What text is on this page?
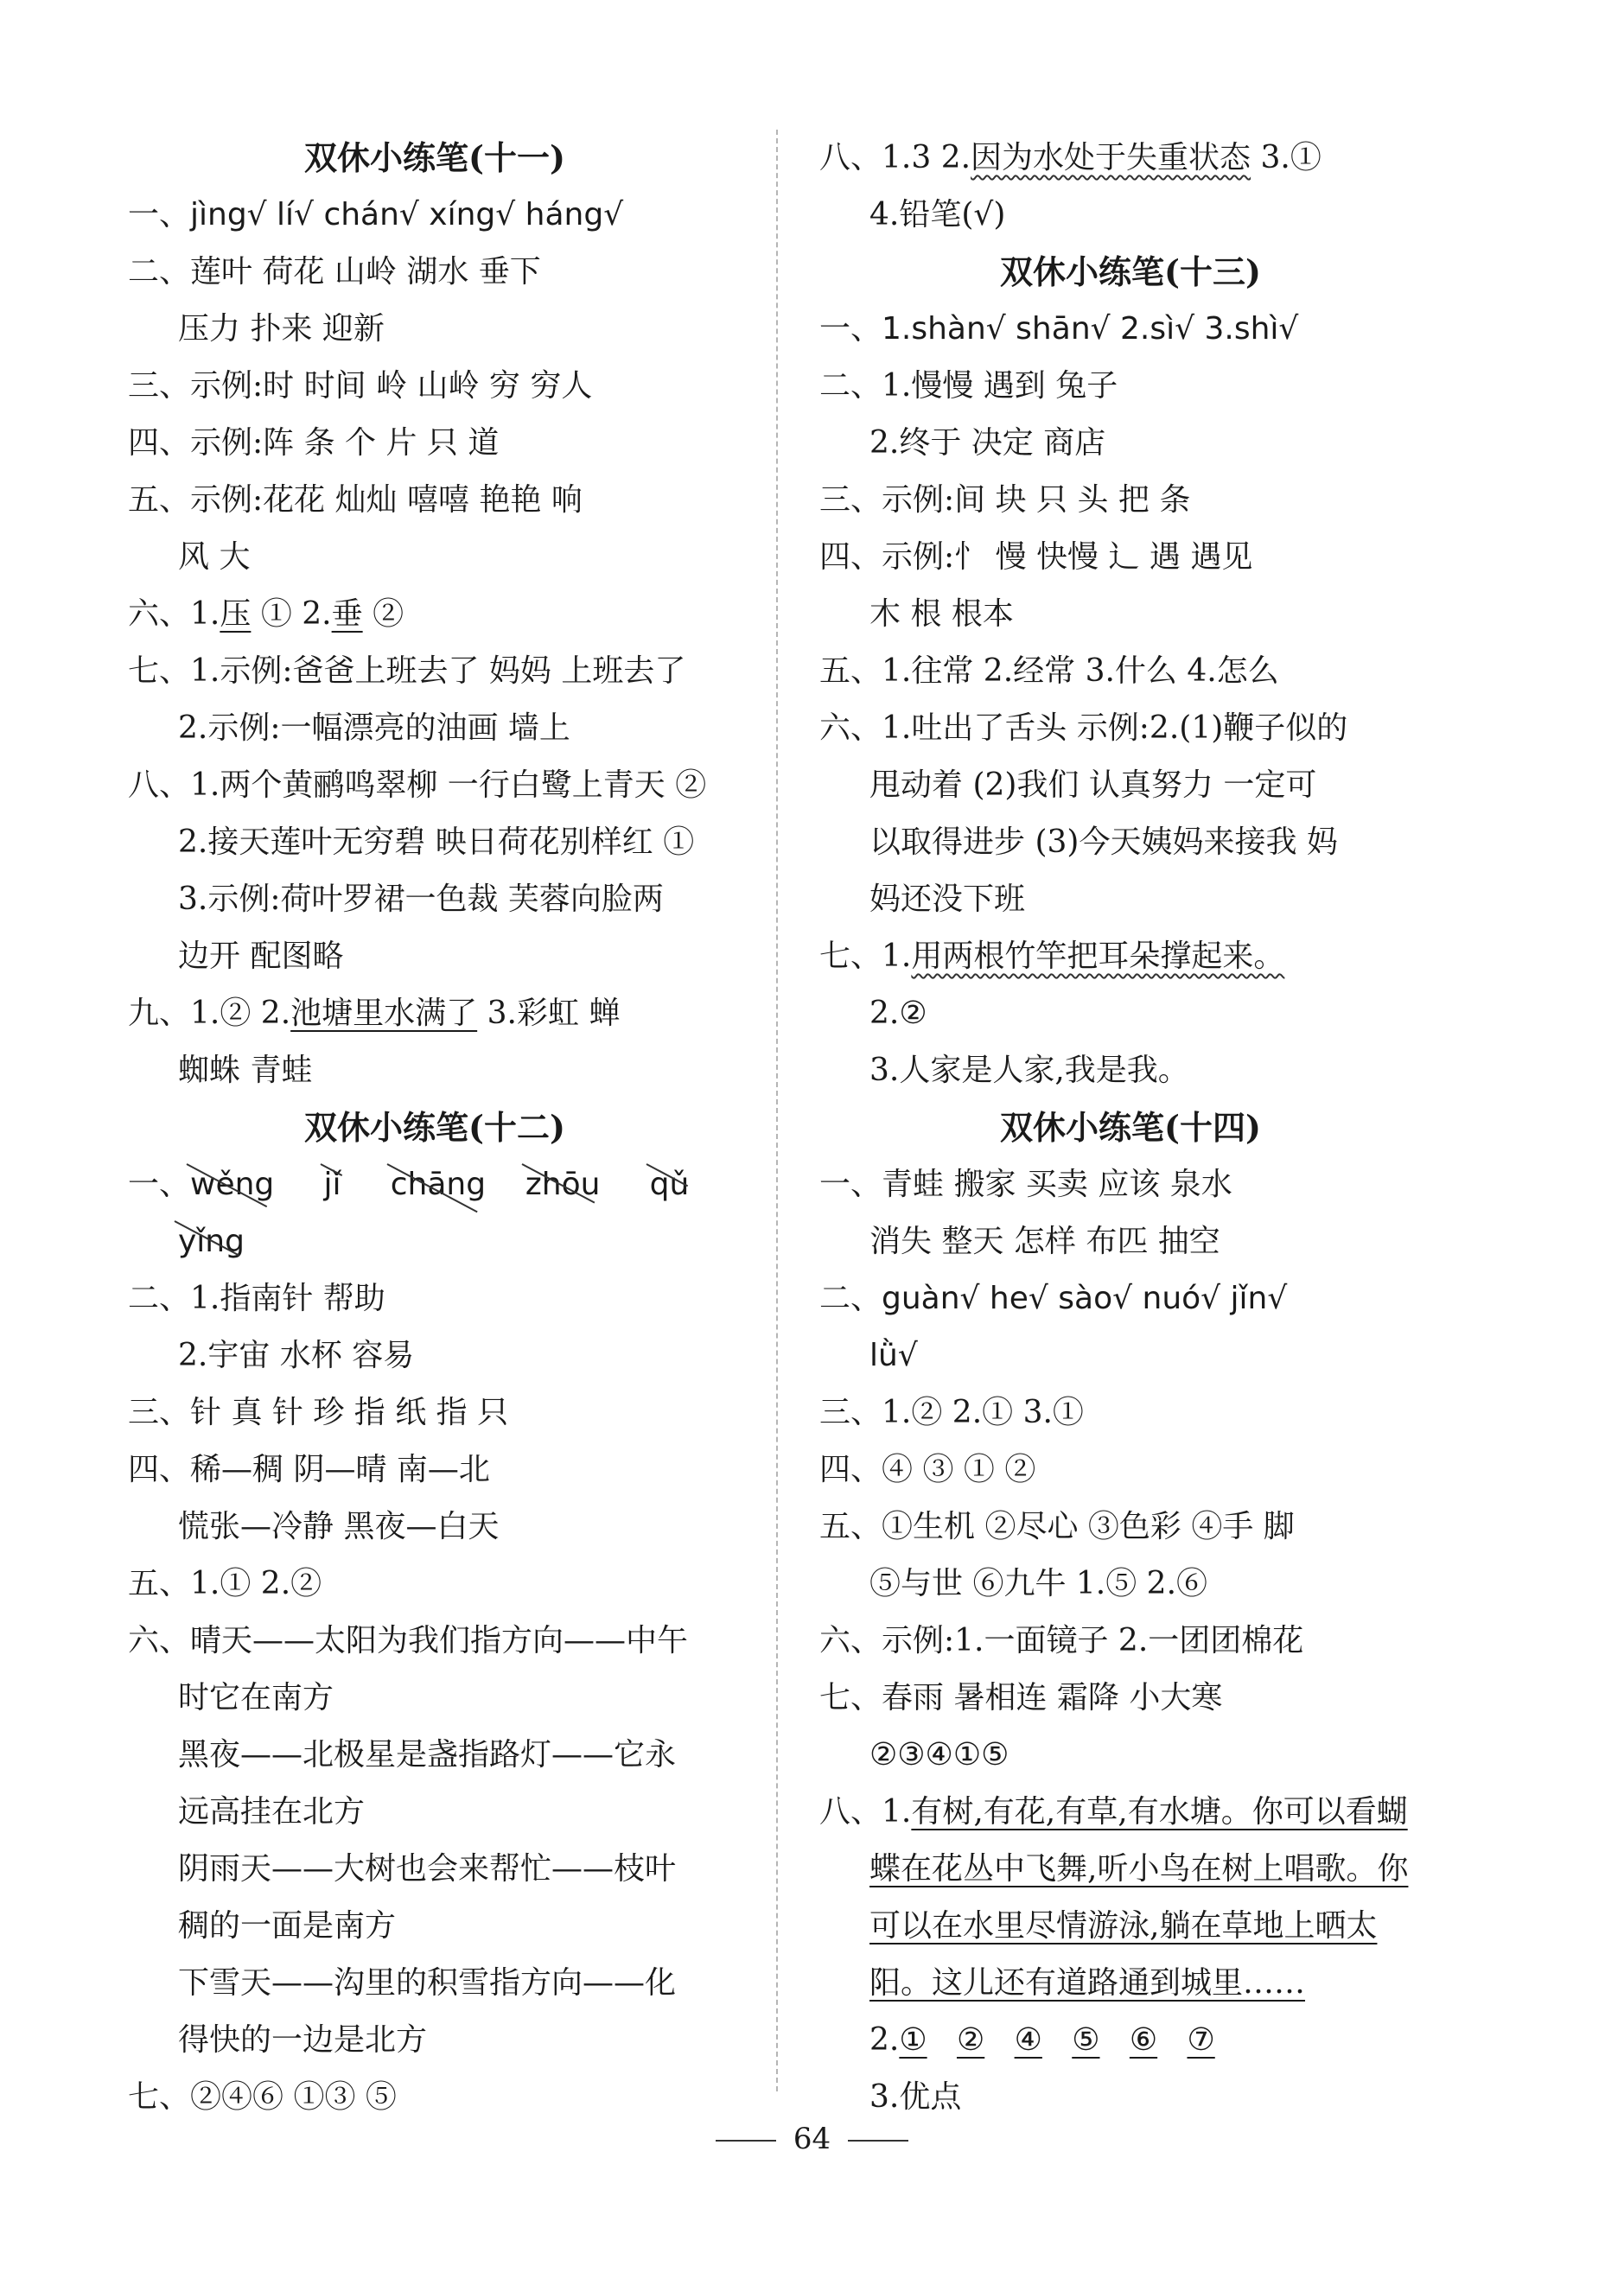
双休小练笔(十一)
一、jìng√ lí√ chán√ xíng√ háng√
二、莲叶 荷花 山岭 湖水 垂下
压力 扑来 迎新
三、示例:时 时间 岭 山岭 穷 穷人
四、示例:阵 条 个 片 只 道
五、示例:花花 灿灿 嘻嘻 艳艳 响
风 大
六、1.压 ① 2.垂 ②
七、1.示例:爸爸上班去了 妈妈 上班去了
2.示例:一幅漂亮的油画 墙上
八、1.两个黄鹂鸣翠柳 一行白鹭上青天 ②
2.接天莲叶无穷碧 映日荷花别样红 ①
3.示例:荷叶罗裙一色裁 芙蓉向脸两
边开 配图略
九、1.② 2.池塘里水满了 3.彩虹 蝉
蜘蛛 青蛙
双休小练笔(十二)
一、wěng jǐ chāng zhōu qǔ
yǐng
二、1.指南针 帮助
2.宇宙 水杯 容易
三、针 真 针 珍 指 纸 指 只
四、稀—稠 阴—晴 南—北
慌张—冷静 黑夜—白天
五、1.① 2.②
六、晴天——太阳为我们指方向——中午
时它在南方
黑夜——北极星是盏指路灯——它永
远高挂在北方
阴雨天——大树也会来帮忙——枝叶
稠的一面是南方
下雪天——沟里的积雪指方向——化
得快的一边是北方
七、②④⑥ ①③ ⑤
八、1.3 2.因为水处于失重状态 3.①
4.铅笔(√)
双休小练笔(十三)
一、1.shàn√ shān√ 2.sì√ 3.shì√
二、1.慢慢 遇到 兔子
2.终于 决定 商店
三、示例:间 块 只 头 把 条
四、示例:忄 慢 快慢 辶 遇 遇见
木 根 根本
五、1.往常 2.经常 3.什么 4.怎么
六、1.吐出了舌头 示例:2.(1)鞭子似的
甩动着 (2)我们 认真努力 一定可
以取得进步 (3)今天姨妈来接我 妈
妈还没下班
七、1.用两根竹竿把耳朵撑起来。
2.②
3.人家是人家,我是我。
双休小练笔(十四)
一、青蛙 搬家 买卖 应该 泉水
消失 整天 怎样 布匹 抽空
二、guàn√ he√ sào√ nuó√ jǐn√
lǜ√
三、1.② 2.① 3.①
四、④ ③ ① ②
五、①生机 ②尽心 ③色彩 ④手 脚
⑤与世 ⑥九牛 1.⑤ 2.⑥
六、示例:1.一面镜子 2.一团团棉花
七、春雨 暑相连 霜降 小大寒
②③④①⑤
八、1.有树,有花,有草,有水塘。你可以看蝴
蝶在花丛中飞舞,听小鸟在树上唱歌。你
可以在水里尽情游泳,躺在草地上晒太
阳。这儿还有道路通到城里……
2.① ② ④ ⑤ ⑥ ⑦
3.优点
64
